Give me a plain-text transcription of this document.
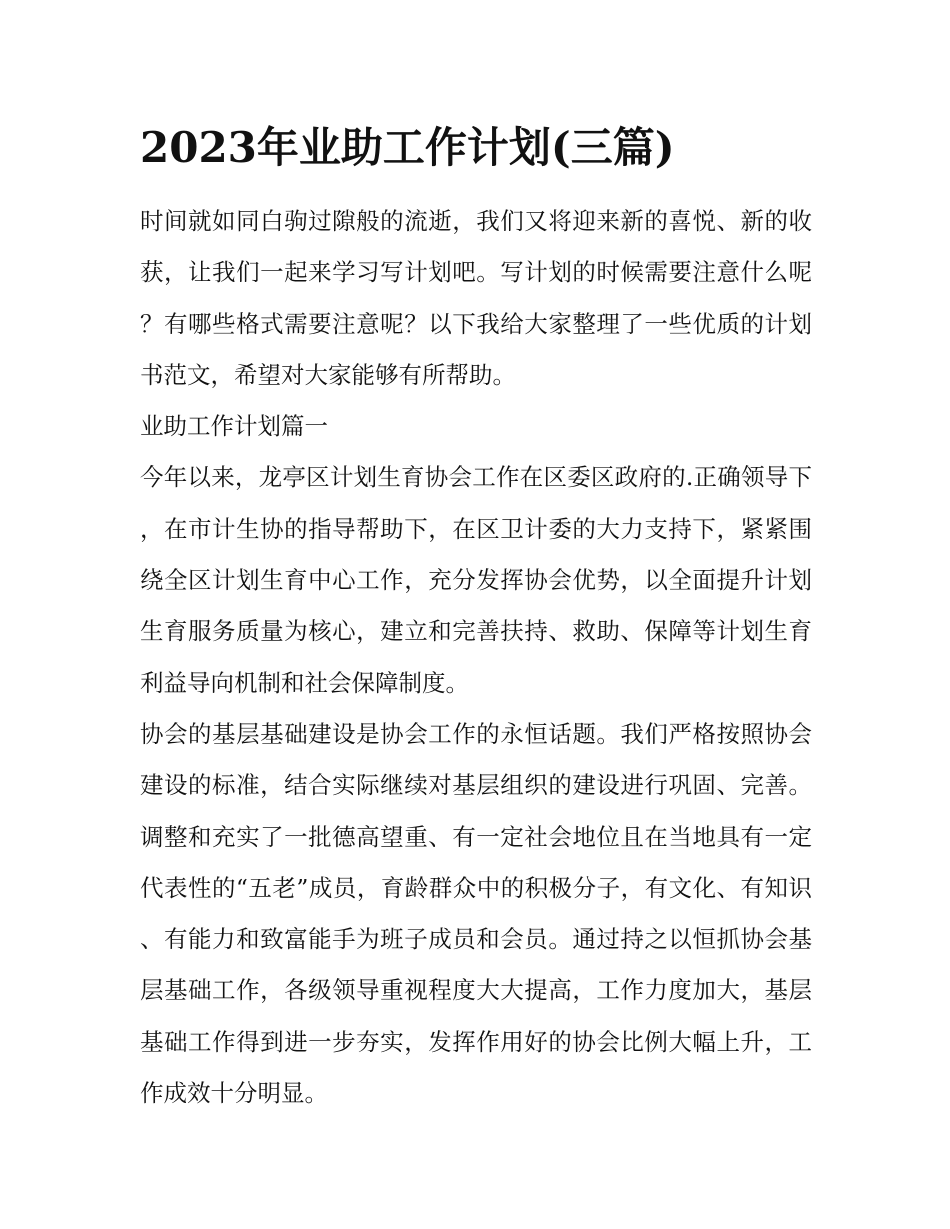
2023年业助工作计划(三篇)

时间就如同白驹过隙般的流逝，我们又将迎来新的喜悦、新的收获，让我们一起来学习写计划吧。写计划的时候需要注意什么呢？有哪些格式需要注意呢？以下我给大家整理了一些优质的计划书范文，希望对大家能够有所帮助。

业助工作计划篇一

今年以来，龙亭区计划生育协会工作在区委区政府的.正确领导下，在市计生协的指导帮助下，在区卫计委的大力支持下，紧紧围绕全区计划生育中心工作，充分发挥协会优势，以全面提升计划生育服务质量为核心，建立和完善扶持、救助、保障等计划生育利益导向机制和社会保障制度。

协会的基层基础建设是协会工作的永恒话题。我们严格按照协会建设的标准，结合实际继续对基层组织的建设进行巩固、完善。调整和充实了一批德高望重、有一定社会地位且在当地具有一定代表性的“五老”成员，育龄群众中的积极分子，有文化、有知识、有能力和致富能手为班子成员和会员。通过持之以恒抓协会基层基础工作，各级领导重视程度大大提高，工作力度加大，基层基础工作得到进一步夯实，发挥作用好的协会比例大幅上升，工作成效十分明显。
